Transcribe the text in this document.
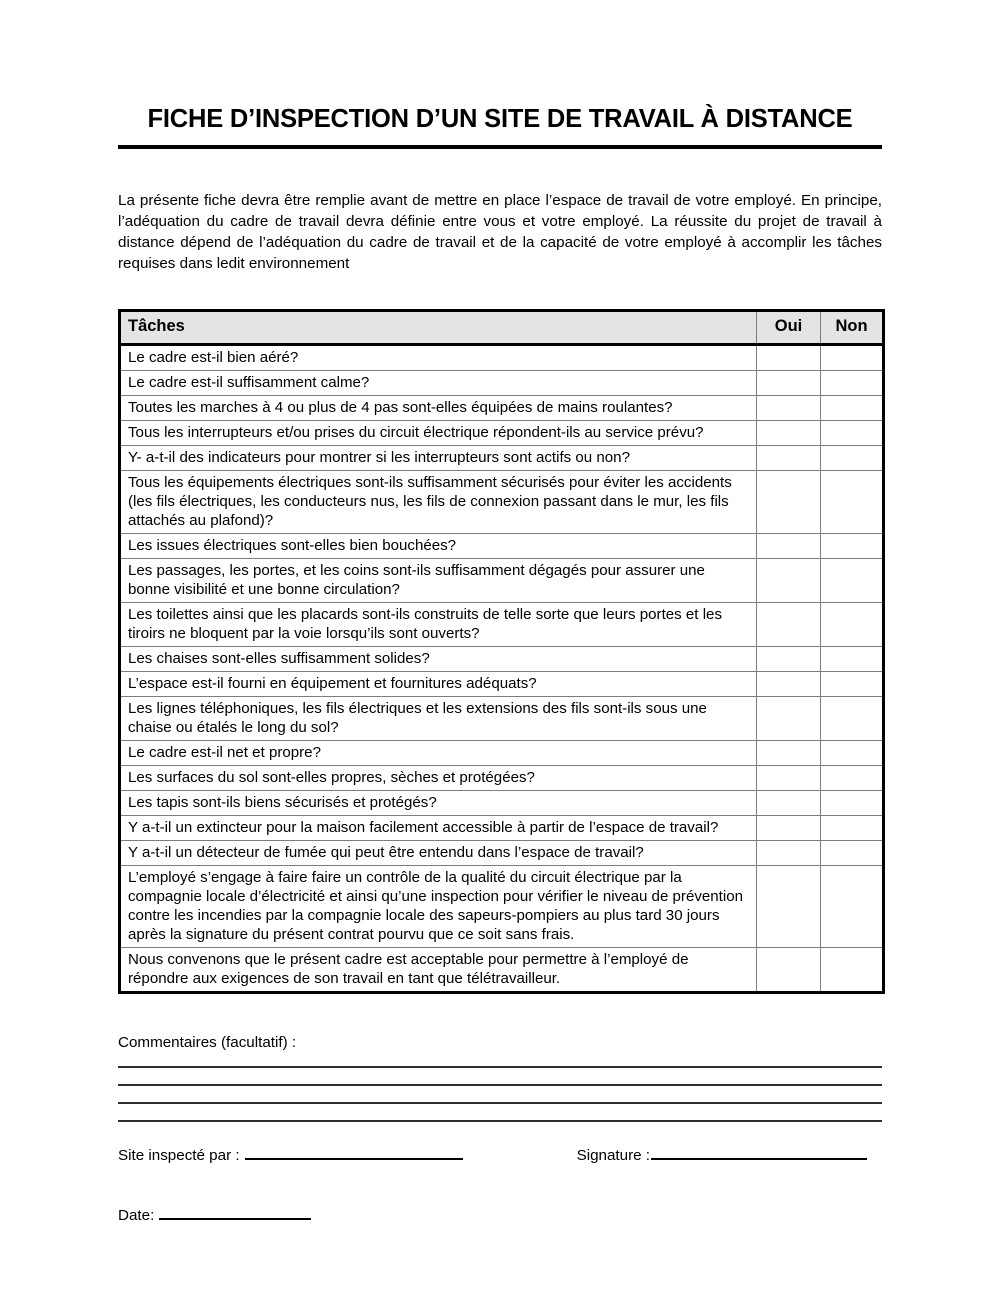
FICHE D’INSPECTION D’UN SITE DE TRAVAIL À DISTANCE

La présente fiche devra être remplie avant de mettre en place l’espace de travail de votre employé. En principe, l’adéquation du cadre de travail devra définie entre vous et votre employé. La réussite du projet de travail à distance dépend de l’adéquation du cadre de travail et de la capacité de votre employé à accomplir les tâches requises dans ledit environnement

Tâches	Oui	Non
Le cadre est-il bien aéré?		
Le cadre est-il suffisamment calme?		
Toutes les marches à 4 ou plus de 4 pas sont-elles équipées de mains roulantes?		
Tous les interrupteurs et/ou prises du circuit électrique répondent-ils au service prévu?		
Y- a-t-il des indicateurs pour montrer si les interrupteurs sont actifs ou non?		
Tous les équipements électriques sont-ils suffisamment sécurisés pour éviter les accidents (les fils électriques, les conducteurs nus, les fils de connexion passant dans le mur, les fils attachés au plafond)?		
Les issues électriques sont-elles bien bouchées?		
Les passages, les portes, et les coins sont-ils suffisamment dégagés pour assurer une bonne visibilité et une bonne circulation?		
Les toilettes ainsi que les placards sont-ils construits de telle sorte que leurs portes et les tiroirs ne bloquent par la voie lorsqu’ils sont ouverts?		
Les chaises sont-elles suffisamment solides?		
L’espace est-il fourni en équipement et fournitures adéquats?		
Les lignes téléphoniques, les fils électriques et les extensions des fils sont-ils sous une chaise ou étalés le long du sol?		
Le cadre est-il net et propre?		
Les surfaces du sol sont-elles propres, sèches et protégées?		
Les tapis sont-ils biens sécurisés et protégés?		
Y a-t-il un extincteur pour la maison facilement accessible à partir de l’espace de travail?		
Y a-t-il un détecteur de fumée qui peut être entendu dans l’espace de travail?		
L’employé s’engage à faire faire un contrôle de la qualité du circuit électrique par la compagnie locale d’électricité et ainsi qu’une inspection pour vérifier le niveau de prévention contre les incendies par la compagnie locale des sapeurs-pompiers au plus tard 30 jours après la signature du présent contrat pourvu que ce soit sans frais.		
Nous convenons que le présent cadre est acceptable pour permettre à l’employé de répondre aux exigences de son travail en tant que télétravailleur.		
Commentaires (facultatif) :
Site inspecté par :	Signature :
Date:
